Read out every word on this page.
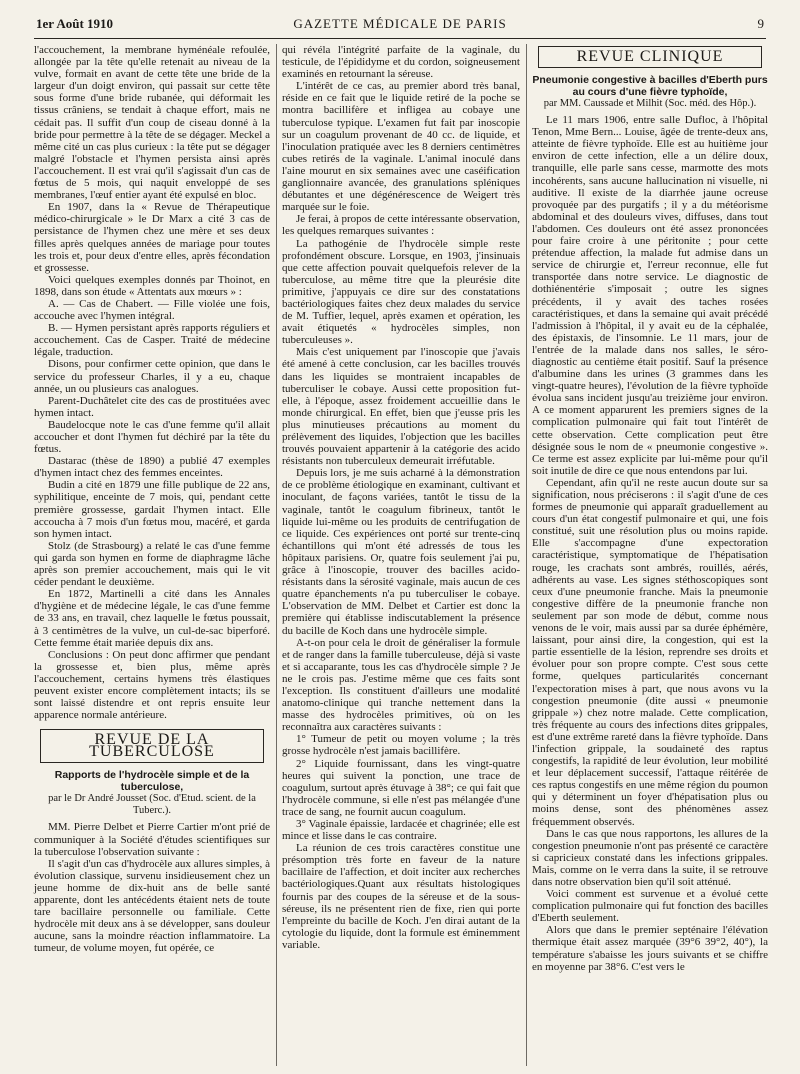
1er Août 1910	GAZETTE MÉDICALE DE PARIS	9

l'accouchement, la membrane hyménéale refoulée, allongée par la tête qu'elle retenait au niveau de la vulve, formait en avant de cette tête une bride de la largeur d'un doigt environ, qui passait sur cette tête sous forme d'une bride rubanée, qui déformait les tissus crâniens, se tendait à chaque effort, mais ne cédait pas. Il suffit d'un coup de ciseau donné à la bride pour permettre à la tête de se dégager. Meckel a même cité un cas plus curieux : la tête put se dégager malgré l'obstacle et l'hymen persista ainsi après l'accouchement. Il est vrai qu'il s'agissait d'un cas de fœtus de 5 mois, qui naquit enveloppé de ses membranes, l'œuf entier ayant été expulsé en bloc.

En 1907, dans la « Revue de Thérapeutique médico-chirurgicale » le Dr Marx a cité 3 cas de persistance de l'hymen chez une mère et ses deux filles après quelques années de mariage pour toutes les trois et, pour deux d'entre elles, après fécondation et grossesse.

Voici quelques exemples donnés par Thoinot, en 1898, dans son étude « Attentats aux mœurs » :

A. — Cas de Chabert. — Fille violée une fois, accouche avec l'hymen intégral.

B. — Hymen persistant après rapports réguliers et accouchement. Cas de Casper. Traité de médecine légale, traduction.

Disons, pour confirmer cette opinion, que dans le service du professeur Charles, il y a eu, chaque année, un ou plusieurs cas analogues.

Parent-Duchâtelet cite des cas de prostituées avec hymen intact.

Baudelocque note le cas d'une femme qu'il allait accoucher et dont l'hymen fut déchiré par la tête du fœtus.

Dastarac (thèse de 1890) a publié 47 exemples d'hymen intact chez des femmes enceintes.

Budin a cité en 1879 une fille publique de 22 ans, syphilitique, enceinte de 7 mois, qui, pendant cette première grossesse, gardait l'hymen intact. Elle accoucha à 7 mois d'un fœtus mou, macéré, et garda son hymen intact.

Stolz (de Strasbourg) a relaté le cas d'une femme qui garda son hymen en forme de diaphragme lâche après son premier accouchement, mais qui le vit céder pendant le deuxième.

En 1872, Martinelli a cité dans les Annales d'hygiène et de médecine légale, le cas d'une femme de 33 ans, en travail, chez laquelle le fœtus poussait, à 3 centimètres de la vulve, un cul-de-sac biperforé. Cette femme était mariée depuis dix ans.

Conclusions : On peut donc affirmer que pendant la grossesse et, bien plus, même après l'accouchement, certains hymens très élastiques peuvent exister encore complètement intacts; ils se sont laissé distendre et ont repris ensuite leur apparence normale antérieure.

REVUE DE LA TUBERCULOSE
Rapports de l'hydrocèle simple et de la tuberculose,
par le Dr André Jousset (Soc. d'Etud. scient. de la Tuberc.).

MM. Pierre Delbet et Pierre Cartier m'ont prié de communiquer à la Société d'études scientifiques sur la tuberculose l'observation suivante :

Il s'agit d'un cas d'hydrocèle aux allures simples, à évolution classique, survenu insidieusement chez un jeune homme de dix-huit ans de belle santé apparente, dont les antécédents étaient nets de toute tare bacillaire personnelle ou familiale. Cette hydrocèle mit deux ans à se développer, sans douleur aucune, sans la moindre réaction inflammatoire. La tumeur, de volume moyen, fut opérée, ce

qui révéla l'intégrité parfaite de la vaginale, du testicule, de l'épididyme et du cordon, soigneusement examinés en retournant la séreuse.

L'intérêt de ce cas, au premier abord très banal, réside en ce fait que le liquide retiré de la poche se montra bacillifère et infligea au cobaye une tuberculose typique. L'examen fut fait par inoscopie sur un coagulum provenant de 40 cc. de liquide, et l'inoculation pratiquée avec les 8 derniers centimètres cubes retirés de la vaginale. L'animal inoculé dans l'aine mourut en six semaines avec une caséification ganglionnaire avancée, des granulations spléniques débutantes et une dégénérescence de Weigert très marquée sur le foie.

Je ferai, à propos de cette intéressante observation, les quelques remarques suivantes :

La pathogénie de l'hydrocèle simple reste profondément obscure. Lorsque, en 1903, j'insinuais que cette affection pouvait quelquefois relever de la tuberculose, au même titre que la pleurésie dite primitive, j'appuyais ce dire sur des constatations bactériologiques faites chez deux malades du service de M. Tuffier, lequel, après examen et opération, les avait étiquetés « hydrocèles simples, non tuberculeuses ».

Mais c'est uniquement par l'inoscopie que j'avais été amené à cette conclusion, car les bacilles trouvés dans les liquides se montraient incapables de tuberculiser le cobaye. Aussi cette proposition fut-elle, à l'époque, assez froidement accueillie dans le monde chirurgical. En effet, bien que j'eusse pris les plus minutieuses précautions au moment du prélèvement des liquides, l'objection que les bacilles trouvés pouvaient appartenir à la catégorie des acido résistants non tuberculeux demeurait irréfutable.

Depuis lors, je me suis acharné à la démonstration de ce problème étiologique en examinant, cultivant et inoculant, de façons variées, tantôt le tissu de la vaginale, tantôt le coagulum fibrineux, tantôt le liquide lui-même ou les produits de centrifugation de ce liquide. Ces expériences ont porté sur trente-cinq échantillons qui m'ont été adressés de tous les hôpitaux parisiens. Or, quatre fois seulement j'ai pu, grâce à l'inoscopie, trouver des bacilles acido-résistants dans la sérosité vaginale, mais aucun de ces quatre épanchements n'a pu tuberculiser le cobaye. L'observation de MM. Delbet et Cartier est donc la première qui établisse indiscutablement la présence du bacille de Koch dans une hydrocèle simple.

A-t-on pour cela le droit de généraliser la formule et de ranger dans la famille tuberculeuse, déjà si vaste et si accaparante, tous les cas d'hydrocèle simple ? Je ne le crois pas. J'estime même que ces faits sont l'exception. Ils constituent d'ailleurs une modalité anatomo-clinique qui tranche nettement dans la masse des hydrocèles primitives, où on les reconnaîtra aux caractères suivants :

1° Tumeur de petit ou moyen volume ; la très grosse hydrocèle n'est jamais bacillifère.

2° Liquide fournissant, dans les vingt-quatre heures qui suivent la ponction, une trace de coagulum, surtout après étuvage à 38°; ce qui fait que l'hydrocèle commune, si elle n'est pas mélangée d'une trace de sang, ne fournit aucun coagulum.

3° Vaginale épaissie, lardacée et chagrinée; elle est mince et lisse dans le cas contraire.

La réunion de ces trois caractères constitue une présomption très forte en faveur de la nature bacillaire de l'affection, et doit inciter aux recherches bactériologiques.Quant aux résultats histologiques fournis par des coupes de la séreuse et de la sous-séreuse, ils ne présentent rien de fixe, rien qui porte l'empreinte du bacille de Koch. J'en dirai autant de la cytologie du liquide, dont la formule est éminemment variable.

REVUE CLINIQUE
Pneumonie congestive à bacilles d'Eberth purs au cours d'une fièvre typhoïde,
par MM. Caussade et Milhit (Soc. méd. des Hôp.).

Le 11 mars 1906, entre salle Dufloc, à l'hôpital Tenon, Mme Bern... Louise, âgée de trente-deux ans, atteinte de fièvre typhoïde. Elle est au huitième jour environ de cette infection, elle a un délire doux, tranquille, elle parle sans cesse, marmotte des mots incohérents, sans aucune hallucination ni visuelle, ni auditive. Il existe de la diarrhée jaune ocreuse provoquée par des purgatifs ; il y a du météorisme abdominal et des douleurs vives, diffuses, dans tout l'abdomen. Ces douleurs ont été assez prononcées pour faire croire à une péritonite ; pour cette prétendue affection, la malade fut admise dans un service de chirurgie et, l'erreur reconnue, elle fut transportée dans notre service. Le diagnostic de dothiénentérie s'imposait ; outre les signes précédents, il y avait des taches rosées caractéristiques, et dans la semaine qui avait précédé l'admission à l'hôpital, il y avait eu de la céphalée, des épistaxis, de l'insomnie. Le 11 mars, jour de l'entrée de la malade dans nos salles, le séro-diagnostic au centième était positif. Sauf la présence d'albumine dans les urines (3 grammes dans les vingt-quatre heures), l'évolution de la fièvre typhoïde évolua sans incident jusqu'au treizième jour environ. A ce moment apparurent les premiers signes de la complication pulmonaire qui fait tout l'intérêt de cette observation. Cette complication peut être désignée sous le nom de « pneumonie congestive ». Ce terme est assez explicite par lui-même pour qu'il soit inutile de dire ce que nous entendons par lui.

Cependant, afin qu'il ne reste aucun doute sur sa signification, nous préciserons : il s'agit d'une de ces formes de pneumonie qui apparaît graduellement au cours d'un état congestif pulmonaire et qui, une fois constitué, suit une résolution plus ou moins rapide. Elle s'accompagne d'une expectoration caractéristique, symptomatique de l'hépatisation rouge, les crachats sont ambrés, rouillés, aérés, adhérents au vase. Les signes stéthoscopiques sont ceux d'une pneumonie franche. Mais la pneumonie congestive diffère de la pneumonie franche non seulement par son mode de début, comme nous venons de le voir, mais aussi par sa durée éphémère, laissant, pour ainsi dire, la congestion, qui est la partie essentielle de la lésion, reprendre ses droits et évoluer pour son propre compte. C'est sous cette forme, quelques particularités concernant l'expectoration mises à part, que nous avons vu la congestion pneumonie (dite aussi « pneumonie grippale ») chez notre malade. Cette complication, très fréquente au cours des infections dites grippales, est d'une extrême rareté dans la fièvre typhoïde. Dans l'infection grippale, la soudaineté des raptus congestifs, la rapidité de leur évolution, leur mobilité et leur déplacement successif, l'attaque réitérée de ces raptus congestifs en une même région du poumon qui y déterminent un foyer d'hépatisation plus ou moins dense, sont des phénomènes assez fréquemment observés.

Dans le cas que nous rapportons, les allures de la congestion pneumonie n'ont pas présenté ce caractère si capricieux constaté dans les infections grippales. Mais, comme on le verra dans la suite, il se retrouve dans notre observation bien qu'il soit atténué.

Voici comment est survenue et a évolué cette complication pulmonaire qui fut fonction des bacilles d'Eberth seulement.

Alors que dans le premier septénaire l'élévation thermique était assez marquée (39°6 39°2, 40°), la température s'abaisse les jours suivants et se chiffre en moyenne par 38°6. C'est vers le
